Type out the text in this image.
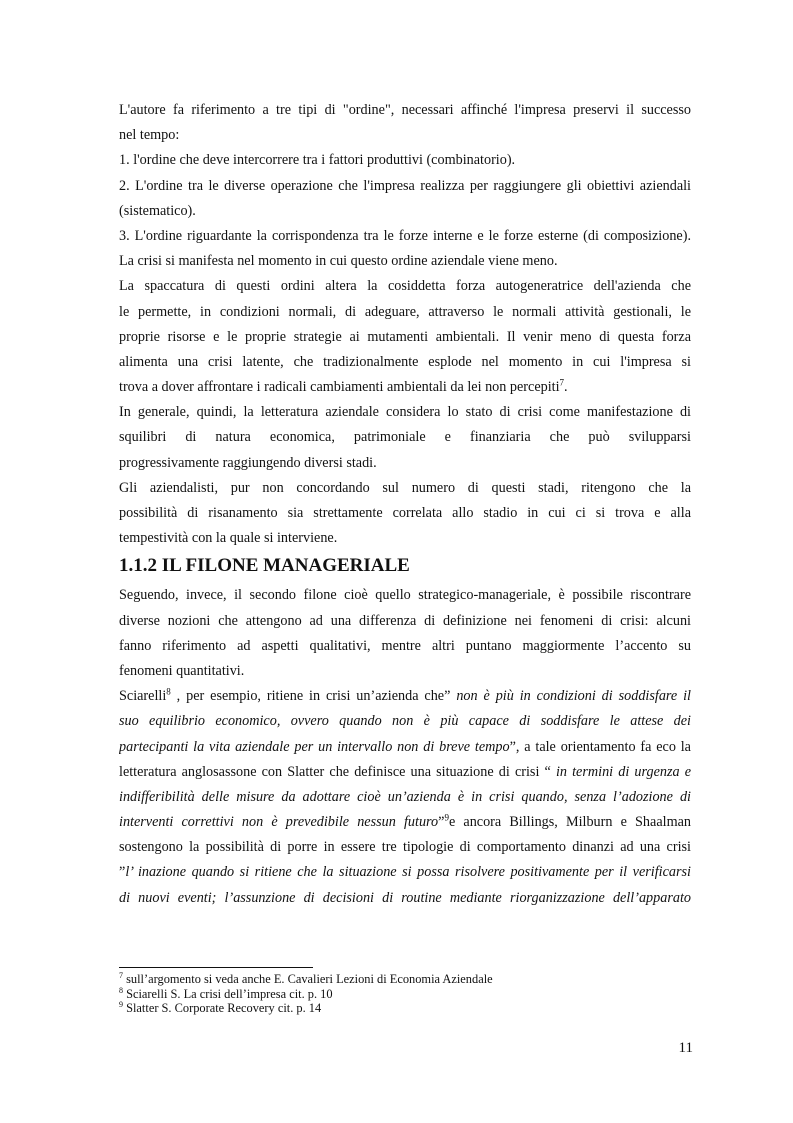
L'autore fa riferimento a tre tipi di "ordine", necessari affinché l'impresa preservi il successo
nel tempo:
1. l'ordine che deve intercorrere tra i fattori produttivi (combinatorio).
2. L'ordine tra le diverse operazione che l'impresa realizza per raggiungere gli obiettivi aziendali
(sistematico).
3. L'ordine riguardante la corrispondenza tra le forze interne e le forze esterne (di composizione).
La crisi si manifesta nel momento in cui questo ordine aziendale viene meno.
La spaccatura di questi ordini altera la cosiddetta forza autogeneratrice dell'azienda che
le permette, in condizioni normali, di adeguare, attraverso le normali attività gestionali, le
proprie risorse e le proprie strategie ai mutamenti ambientali. Il venir meno di questa forza
alimenta una crisi latente, che tradizionalmente esplode nel momento in cui l'impresa si
trova a dover affrontare i radicali cambiamenti ambientali da lei non percepiti$^7$.
In generale, quindi, la letteratura aziendale considera lo stato di crisi come manifestazione di
squilibri di natura economica, patrimoniale e finanziaria che può svilupparsi
progressivamente raggiungendo diversi stadi.
Gli aziendalisti, pur non concordando sul numero di questi stadi, ritengono che la
possibilità di risanamento sia strettamente correlata allo stadio in cui ci si trova e alla
tempestività con la quale si interviene.
1.1.2 IL FILONE MANAGERIALE
Seguendo, invece, il secondo filone cioè quello strategico-manageriale, è possibile riscontrare
diverse nozioni che attengono ad una differenza di definizione nei fenomeni di crisi: alcuni
fanno riferimento ad aspetti qualitativi, mentre altri puntano maggiormente l’accento su
fenomeni quantitativi.
Sciarelli$^8$ , per esempio, ritiene in crisi un’azienda che” non è più in condizioni di soddisfare il
suo equilibrio economico, ovvero quando non è più capace di soddisfare le attese dei
partecipanti la vita aziendale per un intervallo non di breve tempo”, a tale orientamento fa eco la
letteratura anglosassone con Slatter che definisce una situazione di crisi “ in termini di urgenza e
indifferibilità delle misure da adottare cioè un’azienda è in crisi quando, senza l’adozione di
interventi correttivi non è prevedibile nessun futuro”$^9$e ancora Billings, Milburn e Shaalman
sostengono la possibilità di porre in essere tre tipologie di comportamento dinanzi ad una crisi
”l’ inazione quando si ritiene che la situazione si possa risolvere positivamente per il verificarsi
di nuovi eventi; l’assunzione di decisioni di routine mediante riorganizzazione dell’apparato
$^7$ sull’argomento si veda anche E. Cavalieri Lezioni di Economia Aziendale
$^8$ Sciarelli S. La crisi dell’impresa cit. p. 10
$^9$ Slatter S. Corporate Recovery cit. p. 14
11
